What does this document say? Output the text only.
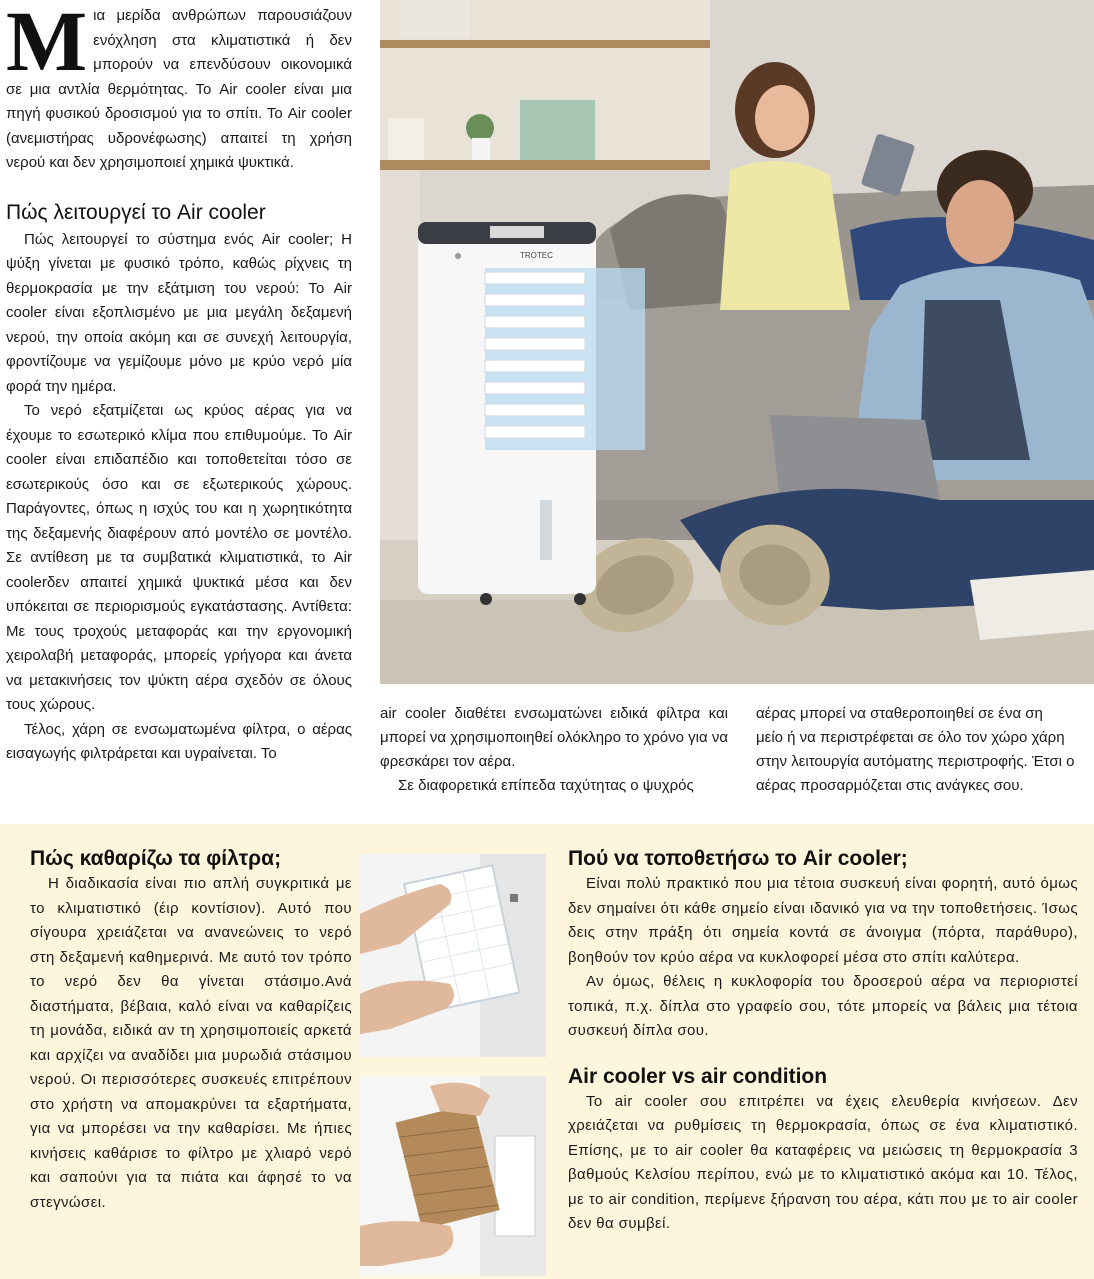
Μια μερίδα ανθρώπων παρουσιάζουν ενόχληση στα κλιματιστικά ή δεν μπορούν να επενδύσουν οικονομικά σε μια αντλία θερμότητας. Το Air cooler είναι μια πηγή φυσικού δροσισμού για το σπίτι. Το Air cooler (ανεμιστήρας υδρονέφωσης) απαιτεί τη χρήση νερού και δεν χρησιμοποιεί χημικά ψυκτικά.

Πώς λειτουργεί το Air cooler

Πώς λειτουργεί το σύστημα ενός Air cooler; Η ψύξη γίνεται με φυσικό τρόπο, καθώς ρίχνεις τη θερμοκρασία με την εξάτμιση του νερού: Το Air cooler είναι εξοπλισμένο με μια μεγάλη δεξαμενή νερού, την οποία ακόμη και σε συνεχή λειτουργία, φροντίζουμε να γεμίζουμε μόνο με κρύο νερό μία φορά την ημέρα.

Το νερό εξατμίζεται ως κρύος αέρας για να έχουμε το εσωτερικό κλίμα που επιθυμούμε. Το Air cooler είναι επιδαπέδιο και τοποθετείται τόσο σε εσωτερικούς όσο και σε εξωτερικούς χώρους. Παράγοντες, όπως η ισχύς του και η χωρητικότητα της δεξαμενής διαφέρουν από μοντέλο σε μοντέλο. Σε αντίθεση με τα συμβατικά κλιματιστικά, το Air coolerδεν απαιτεί χημικά ψυκτικά μέσα και δεν υπόκειται σε περιορισμούς εγκατάστασης. Αντίθετα: Με τους τροχούς μεταφοράς και την εργονομική χειρολαβή μεταφοράς, μπορείς γρήγορα και άνετα να μετακινήσεις τον ψύκτη αέρα σχεδόν σε όλους τους χώρους.

Τέλος, χάρη σε ενσωματωμένα φίλτρα, ο αέρας εισαγωγής φιλτράρεται και υγραίνεται. Το

TROTEC

air cooler διαθέτει ενσωματώνει ειδικά φίλτρα και μπορεί να χρησιμοποιηθεί ολόκληρο το χρόνο για να φρεσκάρει τον αέρα.

Σε διαφορετικά επίπεδα ταχύτητας ο ψυχρός

αέρας μπορεί να σταθεροποιηθεί σε ένα ση
μείο ή να περιστρέφεται σε όλο τον χώρο χάρη
στην λειτουργία αυτόματης περιστροφής. Έτσι ο
αέρας προσαρμόζεται στις ανάγκες σου.
Πώς καθαρίζω τα φίλτρα;

Η διαδικασία είναι πιο απλή συγκριτικά με το κλιματιστικό (έιρ κοντίσιον). Αυτό που σίγουρα χρειάζεται να ανανεώνεις το νερό στη δεξαμενή καθημερινά. Με αυτό τον τρόπο το νερό δεν θα γίνεται στάσιμο.Ανά διαστήματα, βέβαια, καλό είναι να καθαρίζεις τη μονάδα, ειδικά αν τη χρησιμοποιείς αρκετά και αρχίζει να αναδίδει μια μυρωδιά στάσιμου νερού. Οι περισσότερες συσκευές επιτρέπουν στο χρήστη να απομακρύνει τα εξαρτήματα, για να μπορέσει να την καθαρίσει. Με ήπιες κινήσεις καθάρισε το φίλτρο με χλιαρό νερό και σαπούνι για τα πιάτα και άφησέ το να στεγνώσει.

Πού να τοποθετήσω το Air cooler;

Είναι πολύ πρακτικό που μια τέτοια συσκευή είναι φορητή, αυτό όμως δεν σημαίνει ότι κάθε σημείο είναι ιδανικό για να την τοποθετήσεις. Ίσως δεις στην πράξη ότι σημεία κοντά σε άνοιγμα (πόρτα, παράθυρο), βοηθούν τον κρύο αέρα να κυκλοφορεί μέσα στο σπίτι καλύτερα.

Αν όμως, θέλεις η κυκλοφορία του δροσερού αέρα να περιοριστεί τοπικά, π.χ. δίπλα στο γραφείο σου, τότε μπορείς να βάλεις μια τέτοια συσκευή δίπλα σου.

Air cooler vs air condition

Το air cooler σου επιτρέπει να έχεις ελευθερία κινήσεων. Δεν χρειάζεται να ρυθμίσεις τη θερμοκρασία, όπως σε ένα κλιματιστικό. Επίσης, με το air cooler θα καταφέρεις να μειώσεις τη θερμοκρασία 3 βαθμούς Κελσίου περίπου, ενώ με το κλιματιστικό ακόμα και 10. Τέλος, με το air condition, περίμενε ξήρανση του αέρα, κάτι που με το air cooler δεν θα συμβεί.
